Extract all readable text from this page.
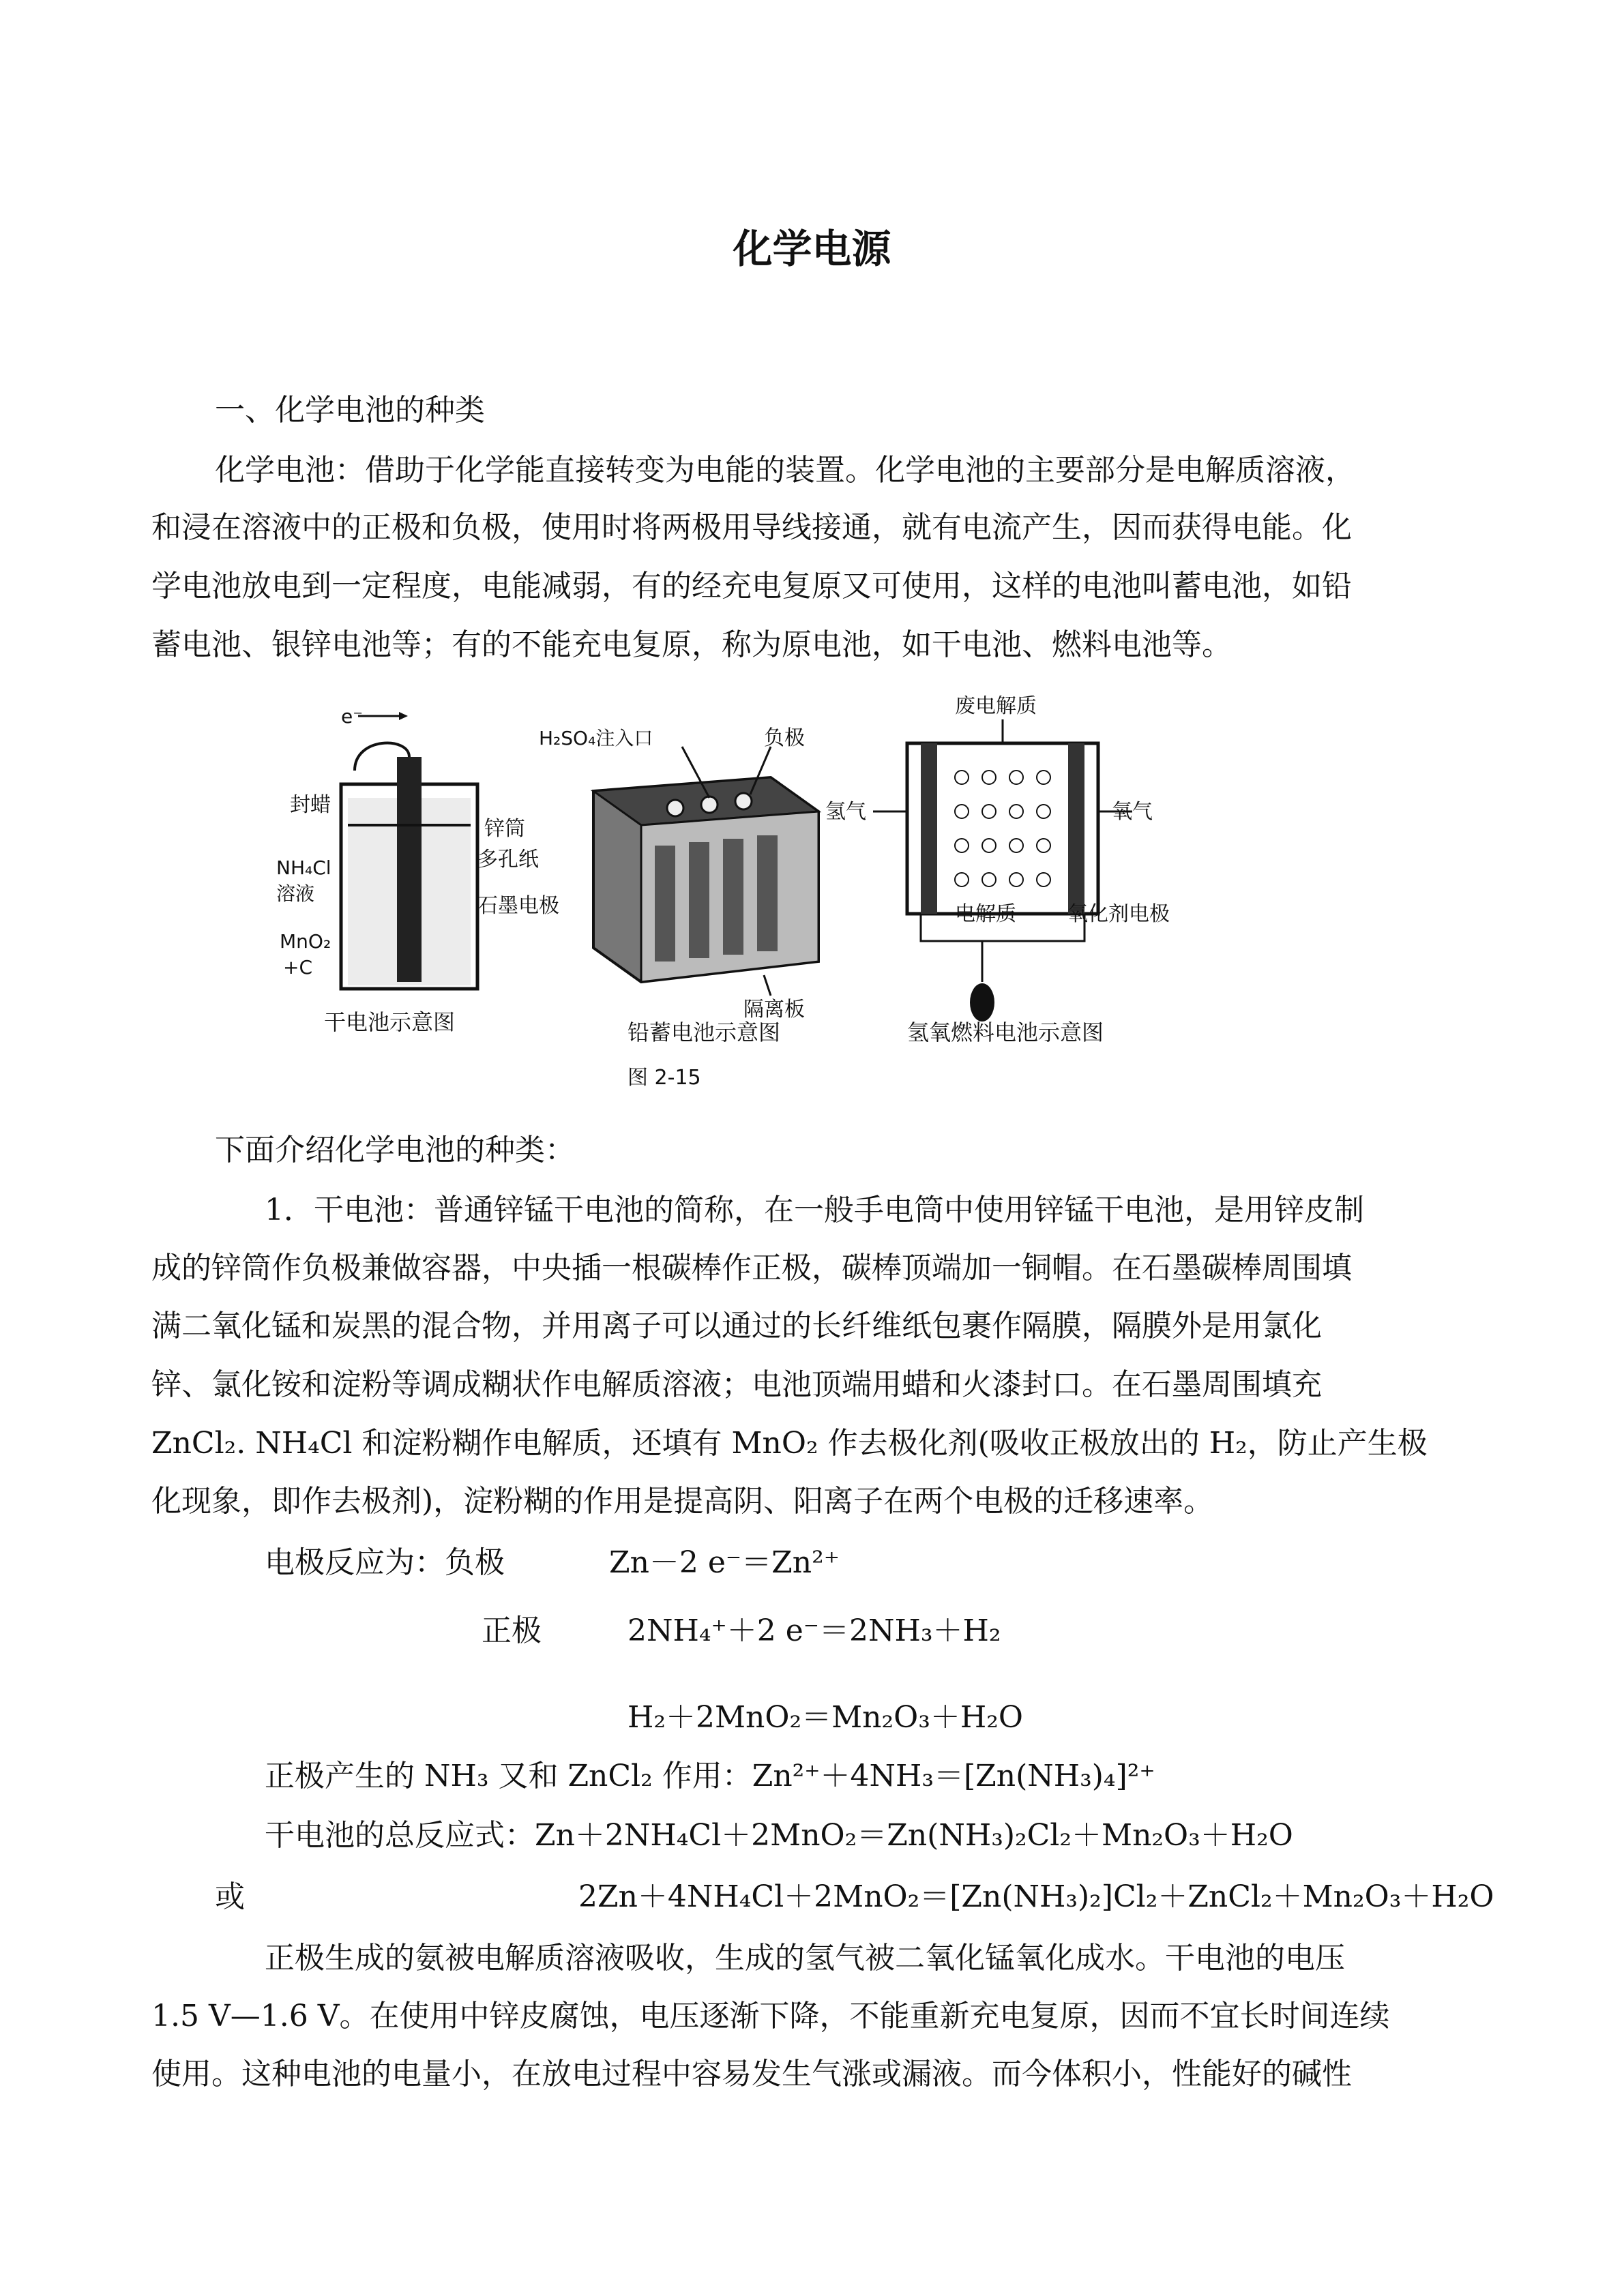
化学电源
一、化学电池的种类
化学电池：借助于化学能直接转变为电能的装置。化学电池的主要部分是电解质溶液，
和浸在溶液中的正极和负极，使用时将两极用导线接通，就有电流产生，因而获得电能。化
学电池放电到一定程度，电能减弱，有的经充电复原又可使用，这样的电池叫蓄电池，如铅
蓄电池、银锌电池等；有的不能充电复原，称为原电池，如干电池、燃料电池等。
e⁻
封蜡
锌筒
多孔纸
NH₄Cl
溶液
石墨电极
MnO₂
+C
干电池示意图
H₂SO₄注入口	负极
隔离板
铅蓄电池示意图
废电解质
氢气	氧气
电解质	氧化剂电极
氢氧燃料电池示意图
图 2-15
下面介绍化学电池的种类：
1．干电池：普通锌锰干电池的简称，在一般手电筒中使用锌锰干电池，是用锌皮制
成的锌筒作负极兼做容器，中央插一根碳棒作正极，碳棒顶端加一铜帽。在石墨碳棒周围填
满二氧化锰和炭黑的混合物，并用离子可以通过的长纤维纸包裹作隔膜，隔膜外是用氯化
锌、氯化铵和淀粉等调成糊状作电解质溶液；电池顶端用蜡和火漆封口。在石墨周围填充
ZnCl₂. NH₄Cl 和淀粉糊作电解质，还填有 MnO₂ 作去极化剂(吸收正极放出的 H₂，防止产生极
化现象，即作去极剂)，淀粉糊的作用是提高阴、阳离子在两个电极的迁移速率。
电极反应为：负极	Zn－2 e⁻＝Zn²⁺
正极	2NH₄⁺＋2 e⁻＝2NH₃＋H₂
H₂＋2MnO₂＝Mn₂O₃＋H₂O
正极产生的 NH₃ 又和 ZnCl₂ 作用：Zn²⁺＋4NH₃＝[Zn(NH₃)₄]²⁺
干电池的总反应式：Zn＋2NH₄Cl＋2MnO₂＝Zn(NH₃)₂Cl₂＋Mn₂O₃＋H₂O
或	2Zn＋4NH₄Cl＋2MnO₂＝[Zn(NH₃)₂]Cl₂＋ZnCl₂＋Mn₂O₃＋H₂O
正极生成的氨被电解质溶液吸收，生成的氢气被二氧化锰氧化成水。干电池的电压
1.5 V—1.6 V。在使用中锌皮腐蚀，电压逐渐下降，不能重新充电复原，因而不宜长时间连续
使用。这种电池的电量小，在放电过程中容易发生气涨或漏液。而今体积小，性能好的碱性
